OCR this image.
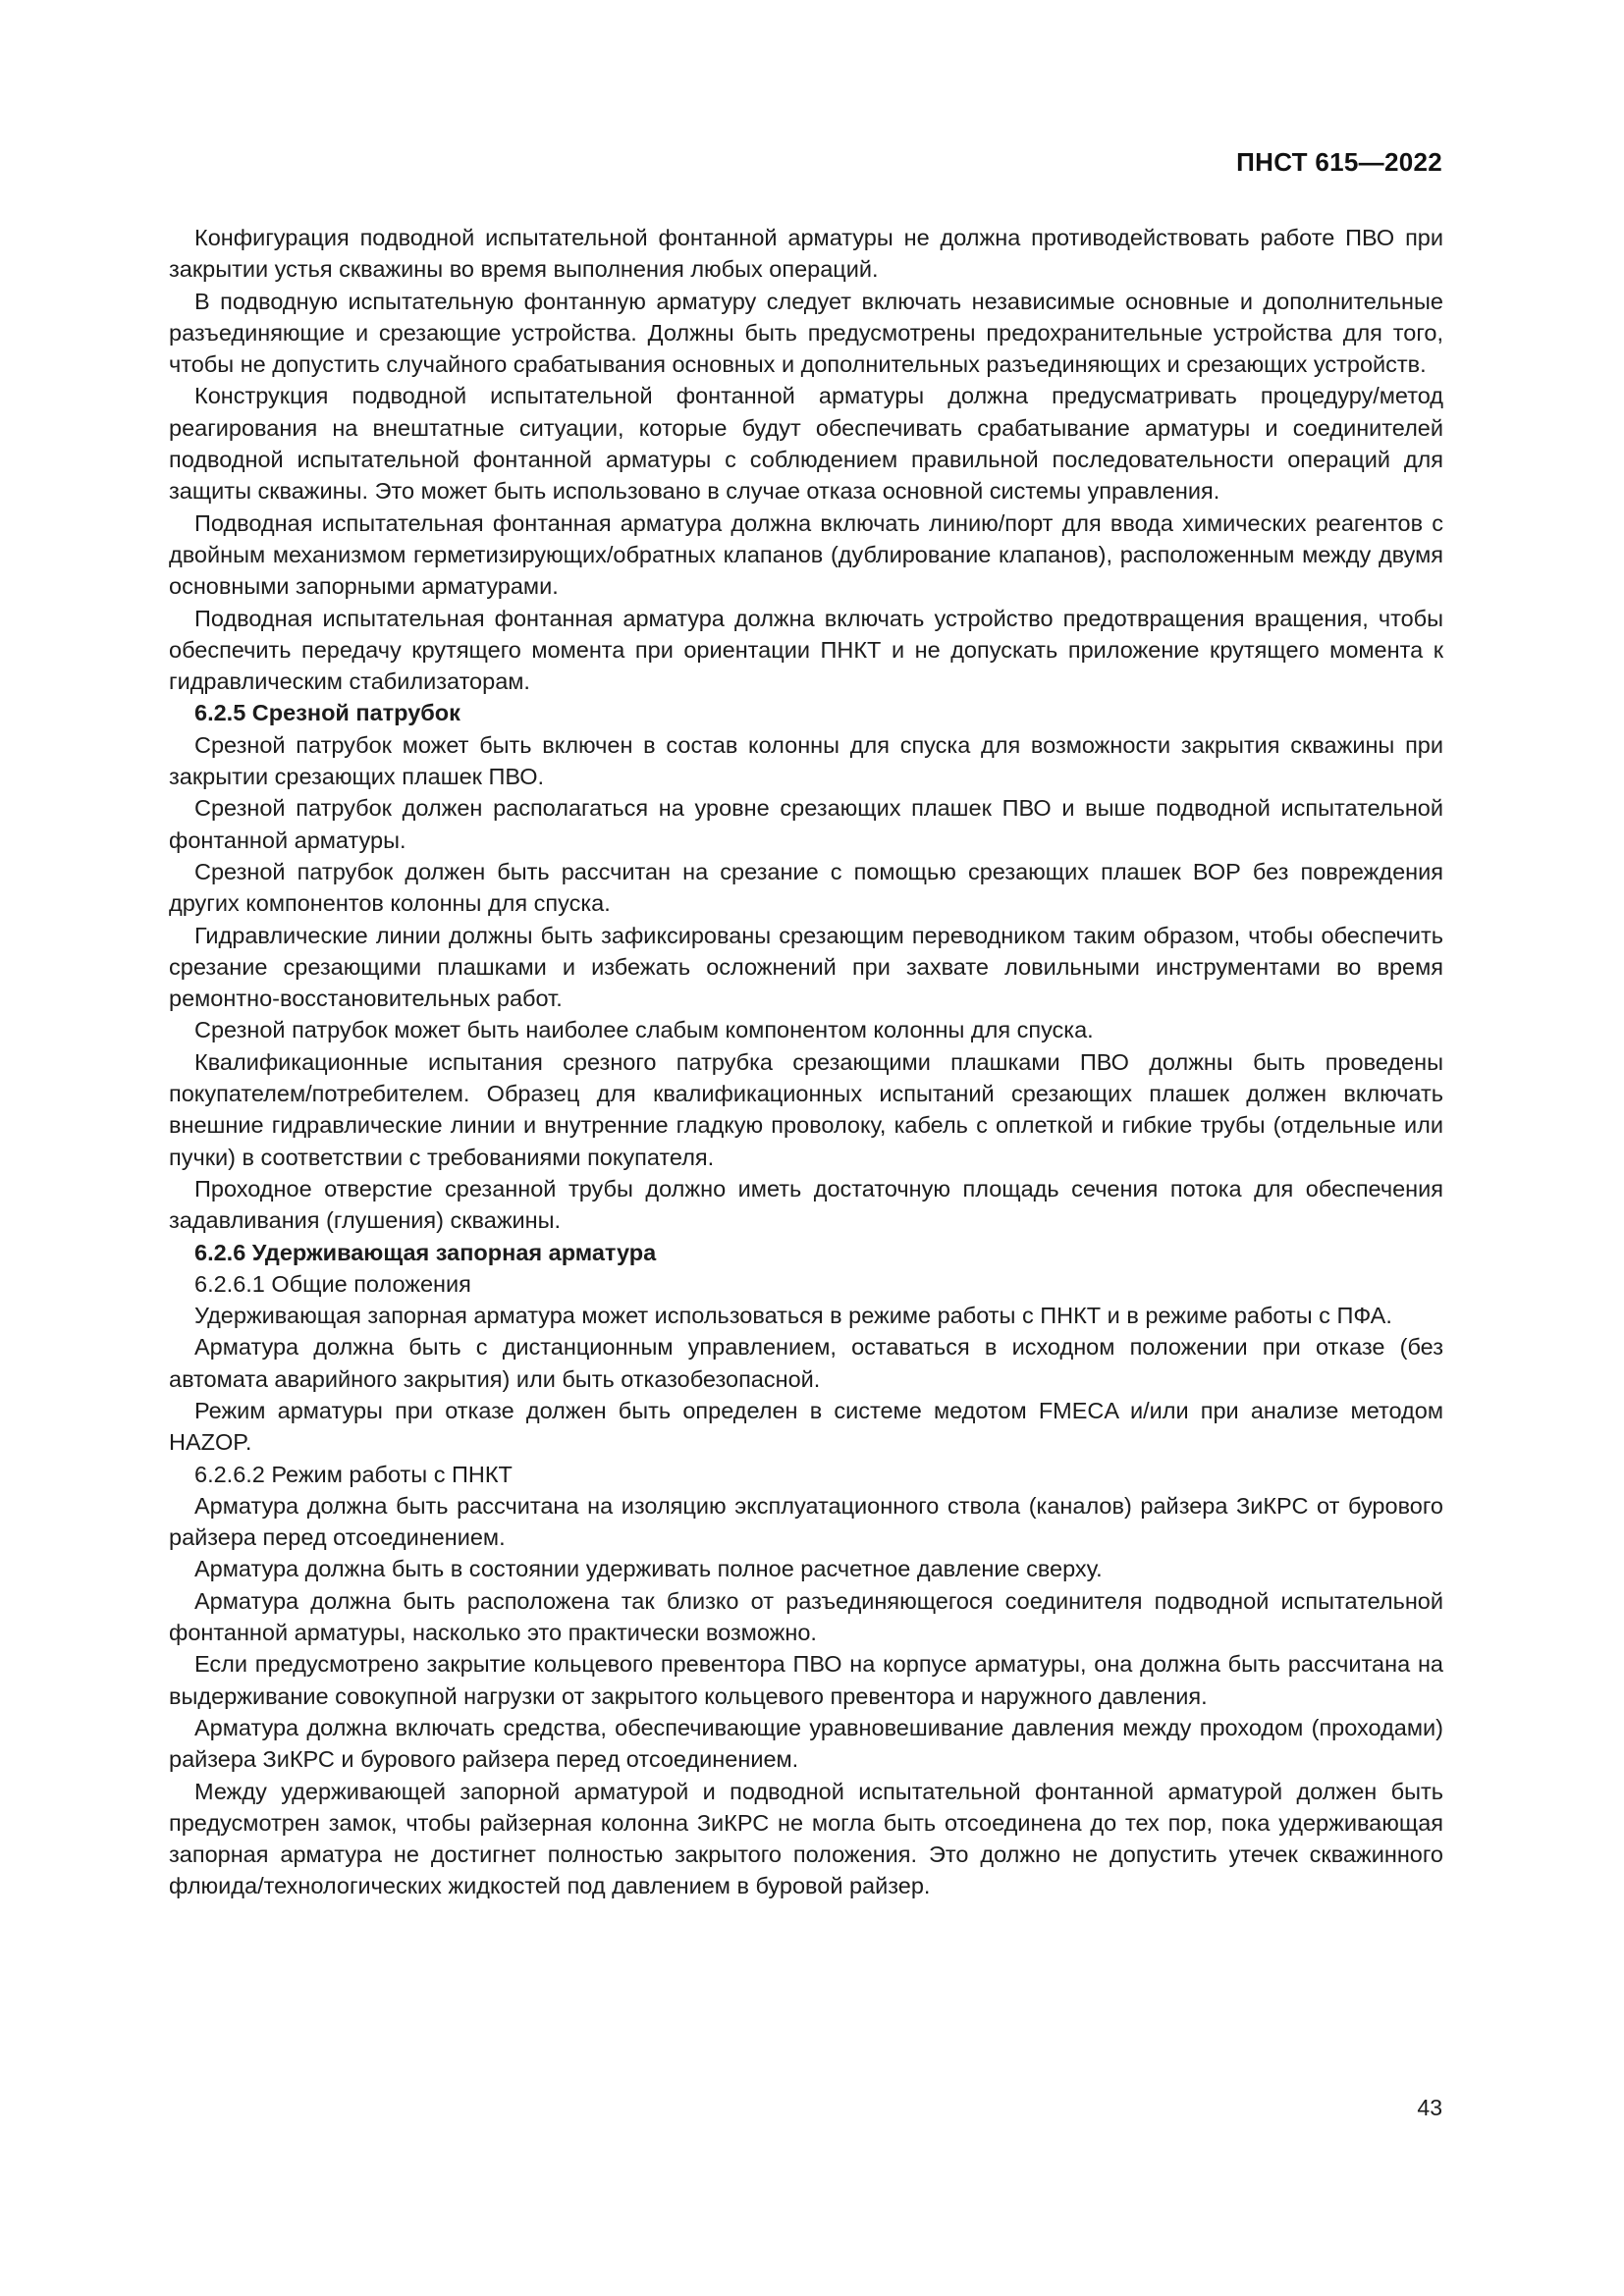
ПНСТ 615—2022

Конфигурация подводной испытательной фонтанной арматуры не должна противодействовать работе ПВО при закрытии устья скважины во время выполнения любых операций.

В подводную испытательную фонтанную арматуру следует включать независимые основные и дополнительные разъединяющие и срезающие устройства. Должны быть предусмотрены предохранительные устройства для того, чтобы не допустить случайного срабатывания основных и дополнительных разъединяющих и срезающих устройств.

Конструкция подводной испытательной фонтанной арматуры должна предусматривать процедуру/метод реагирования на внештатные ситуации, которые будут обеспечивать срабатывание арматуры и соединителей подводной испытательной фонтанной арматуры с соблюдением правильной последовательности операций для защиты скважины. Это может быть использовано в случае отказа основной системы управления.

Подводная испытательная фонтанная арматура должна включать линию/порт для ввода химических реагентов с двойным механизмом герметизирующих/обратных клапанов (дублирование клапанов), расположенным между двумя основными запорными арматурами.

Подводная испытательная фонтанная арматура должна включать устройство предотвращения вращения, чтобы обеспечить передачу крутящего момента при ориентации ПНКТ и не допускать приложение крутящего момента к гидравлическим стабилизаторам.

6.2.5 Срезной патрубок

Срезной патрубок может быть включен в состав колонны для спуска для возможности закрытия скважины при закрытии срезающих плашек ПВО.

Срезной патрубок должен располагаться на уровне срезающих плашек ПВО и выше подводной испытательной фонтанной арматуры.

Срезной патрубок должен быть рассчитан на срезание с помощью срезающих плашек ВОР без повреждения других компонентов колонны для спуска.

Гидравлические линии должны быть зафиксированы срезающим переводником таким образом, чтобы обеспечить срезание срезающими плашками и избежать осложнений при захвате ловильными инструментами во время ремонтно-восстановительных работ.

Срезной патрубок может быть наиболее слабым компонентом колонны для спуска.

Квалификационные испытания срезного патрубка срезающими плашками ПВО должны быть проведены покупателем/потребителем. Образец для квалификационных испытаний срезающих плашек должен включать внешние гидравлические линии и внутренние гладкую проволоку, кабель с оплеткой и гибкие трубы (отдельные или пучки) в соответствии с требованиями покупателя.

Проходное отверстие срезанной трубы должно иметь достаточную площадь сечения потока для обеспечения задавливания (глушения) скважины.

6.2.6 Удерживающая запорная арматура

6.2.6.1 Общие положения

Удерживающая запорная арматура может использоваться в режиме работы с ПНКТ и в режиме работы с ПФА.

Арматура должна быть с дистанционным управлением, оставаться в исходном положении при отказе (без автомата аварийного закрытия) или быть отказобезопасной.

Режим арматуры при отказе должен быть определен в системе медотом FMECA и/или при анализе методом HAZOP.

6.2.6.2 Режим работы с ПНКТ

Арматура должна быть рассчитана на изоляцию эксплуатационного ствола (каналов) райзера ЗиКРС от бурового райзера перед отсоединением.

Арматура должна быть в состоянии удерживать полное расчетное давление сверху.

Арматура должна быть расположена так близко от разъединяющегося соединителя подводной испытательной фонтанной арматуры, насколько это практически возможно.

Если предусмотрено закрытие кольцевого превентора ПВО на корпусе арматуры, она должна быть рассчитана на выдерживание совокупной нагрузки от закрытого кольцевого превентора и наружного давления.

Арматура должна включать средства, обеспечивающие уравновешивание давления между проходом (проходами) райзера ЗиКРС и бурового райзера перед отсоединением.

Между удерживающей запорной арматурой и подводной испытательной фонтанной арматурой должен быть предусмотрен замок, чтобы райзерная колонна ЗиКРС не могла быть отсоединена до тех пор, пока удерживающая запорная арматура не достигнет полностью закрытого положения. Это должно не допустить утечек скважинного флюида/технологических жидкостей под давлением в буровой райзер.

43
